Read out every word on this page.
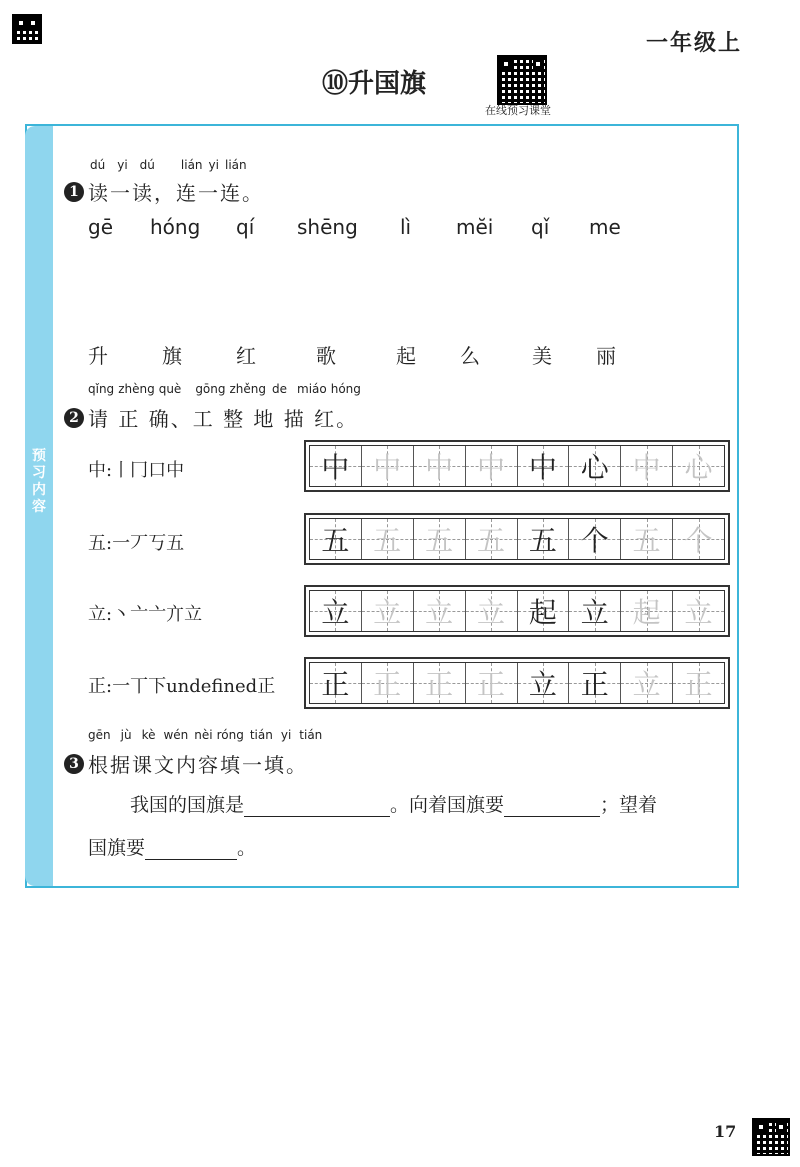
一年级上
⑩升国旗
在线预习课堂
预
习
内
容
dú yi dú lián yi lián
1 读一读，连一连。
gē hóng qí shēng lì mĕi qǐ me
升	旗	红	歌	起 么	美 丽
qǐng zhèng què gōng zhěng de miáo hóng
2 请 正 确、工 整 地 描 红。
中:丨冂口中	中 中 中 中 中 心 中 心
五:一丆丂五	五 五 五 五 五 个 五 个
立:丶亠亠亣立	立 立 立 立 起 立 起 立
正:一丅下undefined正 正 正 正 正 立 正 立 正
gēn jù kè wén nèi róng tián yi tián
3 根据课文内容填一填。
我国的国旗是	。向着国旗要	；望着
国旗要	。
17
